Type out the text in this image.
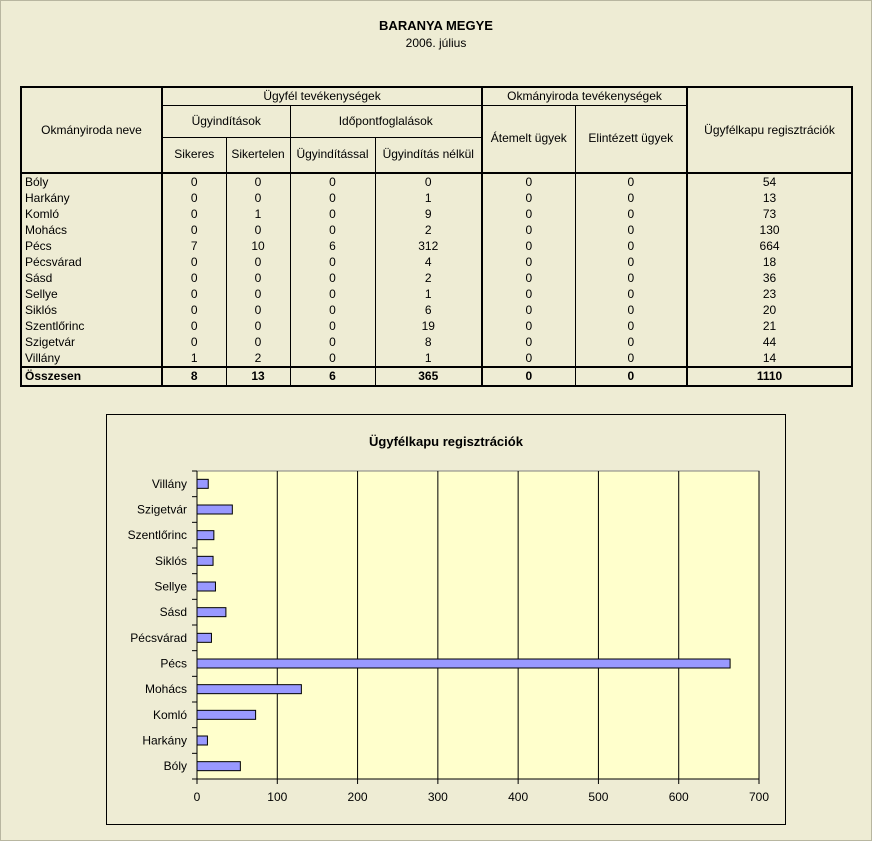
BARANYA MEGYE
2006. július
Okmányiroda neve	Ügyfél tevékenységek				Okmányiroda tevékenységek		Ügyfélkapu regisztrációk
	Ügyindítások		Időpontfoglalások		Átemelt ügyek	Elintézett ügyek	
	Sikeres	Sikertelen	Ügyindítással	Ügyindítás nélkül			
Bóly	0	0	0	0	0	0	54
Harkány	0	0	0	1	0	0	13
Komló	0	1	0	9	0	0	73
Mohács	0	0	0	2	0	0	130
Pécs	7	10	6	312	0	0	664
Pécsvárad	0	0	0	4	0	0	18
Sásd	0	0	0	2	0	0	36
Sellye	0	0	0	1	0	0	23
Siklós	0	0	0	6	0	0	20
Szentlőrinc	0	0	0	19	0	0	21
Szigetvár	0	0	0	8	0	0	44
Villány	1	2	0	1	0	0	14
Összesen	8	13	6	365	0	0	1110
Ügyfélkapu regisztrációk
0	100	200	300	400	500	600	700
Bóly
Harkány
Komló
Mohács
Pécs
Pécsvárad
Sásd
Sellye
Siklós
Szentlőrinc
Szigetvár
Villány
